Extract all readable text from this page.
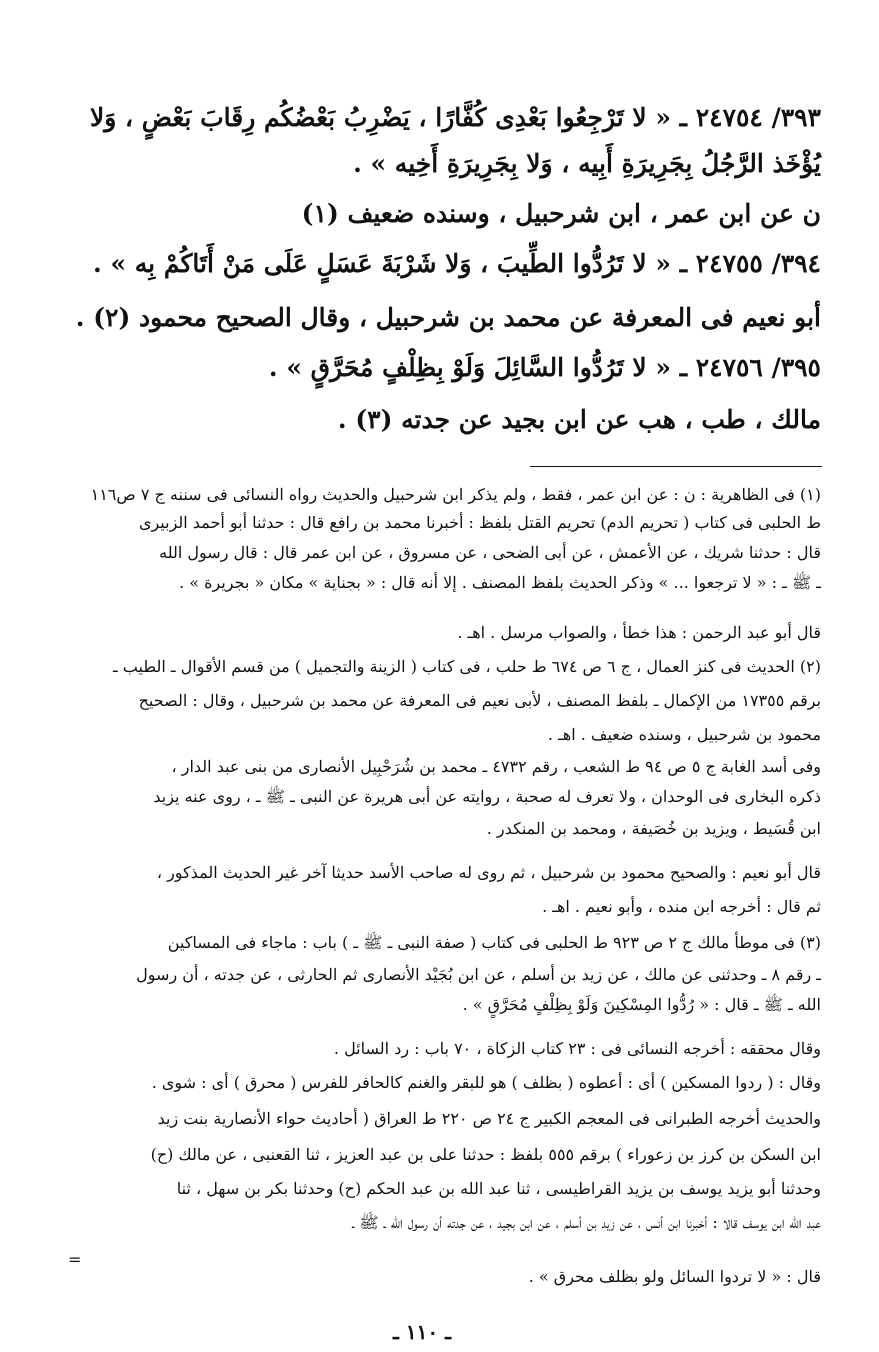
٣٩٣/ ٢٤٧٥٤ ـ « لا تَرْجِعُوا بَعْدِى كُفَّارًا ، يَضْرِبُ بَعْضُكُم رِقَابَ بَعْضٍ ، وَلا
يُؤْخَذ الرَّجُلُ بِجَرِيرَةِ أَبِيه ، وَلا بِجَرِيرَةِ أَخِيه » .
ن عن ابن عمر ، ابن شرحبيل ، وسنده ضعيف (١)
٣٩٤/ ٢٤٧٥٥ ـ « لا تَرُدُّوا الطِّيبَ ، وَلا شَرْبَةَ عَسَلٍ عَلَى مَنْ أَتَاكُمْ بِه » .
أبو نعيم فى المعرفة عن محمد بن شرحبيل ، وقال الصحيح محمود (٢) .
٣٩٥/ ٢٤٧٥٦ ـ « لا تَرُدُّوا السَّائِلَ وَلَوْ بِظِلْفٍ مُحَرَّقٍ » .
مالك ، طب ، هب عن ابن بجيد عن جدته (٣) .
(١) فى الظاهرية : ن : عن ابن عمر ، فقط ، ولم يذكر ابن شرحبيل والحديث رواه النسائى فى سننه ج ٧ ص١١٦
ط الحلبى فى كتاب ( تحريم الدم) تحريم القتل بلفظ : أخبرنا محمد بن رافع قال : حدثنا أبو أحمد الزبيرى
قال : حدثنا شريك ، عن الأعمش ، عن أبى الضحى ، عن مسروق ، عن ابن عمر قال : قال رسول الله
ـ ﷺ ـ : « لا ترجعوا ... » وذكر الحديث بلفظ المصنف . إلا أنه قال : « بجناية » مكان « بجريرة » .
قال أبو عبد الرحمن : هذا خطأ ، والصواب مرسل . اهـ .
(٢) الحديث فى كنز العمال ، ج ٦ ص ٦٧٤ ط حلب ، فى كتاب ( الزينة والتجميل ) من قسم الأقوال ـ الطيب ـ
برقم ١٧٣٥٥ من الإكمال ـ بلفظ المصنف ، لأبى نعيم فى المعرفة عن محمد بن شرحبيل ، وقال : الصحيح
محمود بن شرحبيل ، وسنده ضعيف . اهـ .
وفى أسد الغابة ج ٥ ص ٩٤ ط الشعب ، رقم ٤٧٣٢ ـ محمد بن شُرَحْبِيل الأنصارى من بنى عبد الدار ،
ذكره البخارى فى الوحدان ، ولا تعرف له صحبة ، روايته عن أبى هريرة عن النبى ـ ﷺ ـ ، روى عنه يزيد
ابن قُسَيط ، ويزيد بن خُصَيفة ، ومحمد بن المنكدر .
قال أبو نعيم : والصحيح محمود بن شرحبيل ، ثم روى له صاحب الأسد حديثا آخر غير الحديث المذكور ،
ثم قال : أخرجه ابن منده ، وأبو نعيم . اهـ .
(٣) فى موطأ مالك ج ٢ ص ٩٢٣ ط الحلبى فى كتاب ( صفة النبى ـ ﷺ ـ ) باب : ماجاء فى المساكين
ـ رقم ٨ ـ وحدثنى عن مالك ، عن زيد بن أسلم ، عن ابن بُجَيْد الأنصارى ثم الحارثى ، عن جدته ، أن رسول
الله ـ ﷺ ـ قال : « رُدُّوا المِسْكِينَ وَلَوْ بِظِلْفٍ مُحَرَّقٍ » .
وقال محققه : أخرجه النسائى فى : ٢٣ كتاب الزكاة ، ٧٠ باب : رد السائل .
وقال : ( ردوا المسكين ) أى : أعطوه ( بظلف ) هو للبقر والغنم كالحافر للفرس ( محرق ) أى : شوى .
والحديث أخرجه الطبرانى فى المعجم الكبير ج ٢٤ ص ٢٢٠ ط العراق ( أحاديث حواء الأنصارية بنت زيد
ابن السكن بن كرز بن زعوراء ) برقم ٥٥٥ بلفظ : حدثنا على بن عبد العزيز ، ثنا القعنبى ، عن مالك (ح)
وحدثنا أبو يزيد يوسف بن يزيد القراطيسى ، ثنا عبد الله بن عبد الحكم (ح) وحدثنا بكر بن سهل ، ثنا
عبد الله ابن يوسف قالا : أخبرنا ابن أنس ، عن زيد بن أسلم ، عن ابن بجيد ، عن جدته أن رسول الله ـ ﷺ ـ
=
قال : « لا تردوا السائل ولو بظلف محرق » .
ـ ١١٠ ـ
